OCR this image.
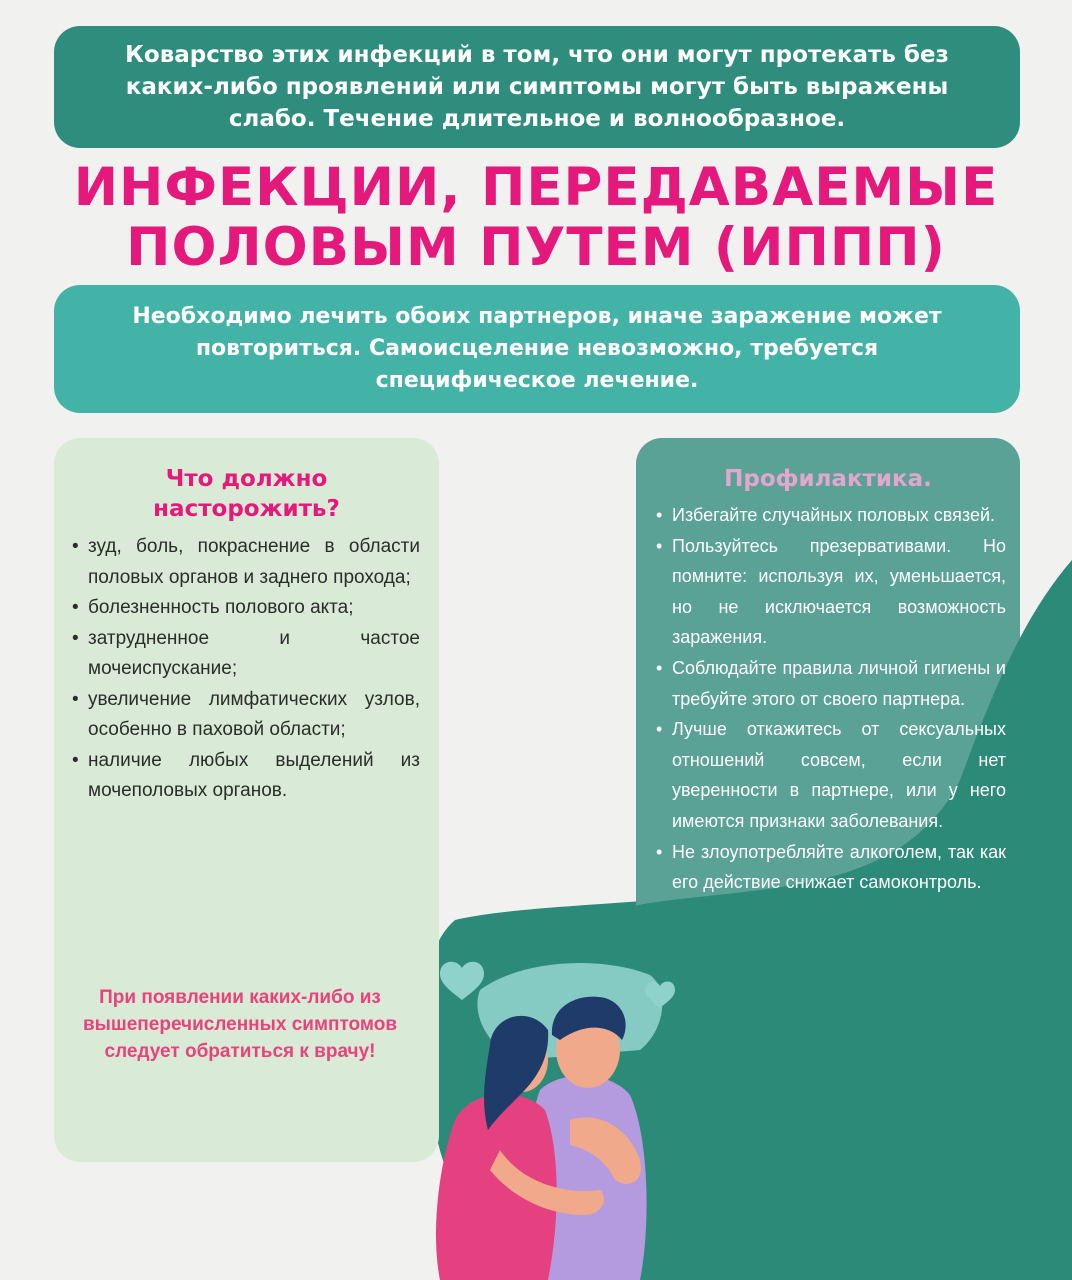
Коварство этих инфекций в том, что они могут протекать без каких-либо проявлений или симптомы могут быть выражены слабо. Течение длительное и волнообразное.
ИНФЕКЦИИ, ПЕРЕДАВАЕМЫЕ
ПОЛОВЫМ ПУТЕМ (ИППП)
Необходимо лечить обоих партнеров, иначе заражение может повториться. Самоисцеление невозможно, требуется специфическое лечение.
Что должно
насторожить?
• зуд, боль, покраснение в области половых органов и заднего прохода;
• болезненность полового акта;
• затрудненное и частое мочеиспускание;
• увеличение лимфатических узлов, особенно в паховой области;
• наличие любых выделений из мочеполовых органов.
При появлении каких-либо из вышеперечисленных симптомов следует обратиться к врачу!
Профилактика.
• Избегайте случайных половых связей.
• Пользуйтесь презервативами. Но помните: используя их, уменьшается, но не исключается возможность заражения.
• Соблюдайте правила личной гигиены и требуйте этого от своего партнера.
• Лучше откажитесь от сексуальных отношений совсем, если нет уверенности в партнере, или у него имеются признаки заболевания.
• Не злоупотребляйте алкоголем, так как его действие снижает самоконтроль.
